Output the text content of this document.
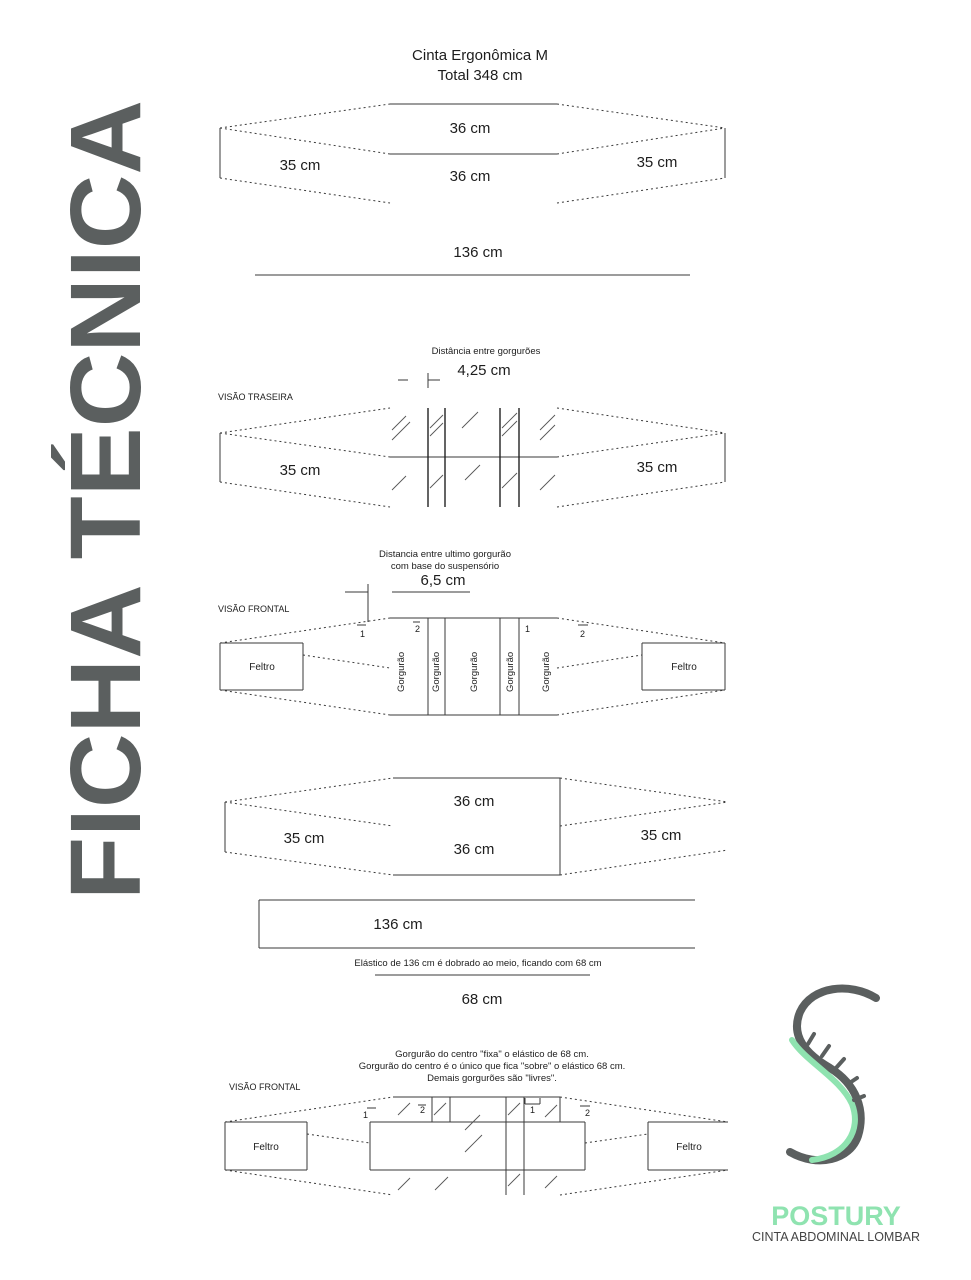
FICHA TÉCNICA
Cinta Ergonômica M
Total 348 cm
36 cm
36 cm
35 cm	35 cm
136 cm
Distância entre gorgurões
4,25 cm
VISÃO TRASEIRA
35 cm	35 cm
Distancia entre ultimo gorgurão
com base do suspensório
6,5 cm
VISÃO FRONTAL
1	2	1	2
Feltro	Feltro
Gorgurão	Gorgurão	Gorgurão	Gorgurão	Gorgurão
36 cm
36 cm
35 cm	35 cm
136 cm
Elástico de 136 cm é dobrado ao meio, ficando com 68 cm
68 cm
Gorgurão do centro "fixa" o elástico de 68 cm.
Gorgurão do centro é o único que fica "sobre" o elástico 68 cm.
Demais gorgurões são "livres".
VISÃO FRONTAL
1	2	1	2
Feltro	Feltro
POSTURY
CINTA ABDOMINAL LOMBAR
